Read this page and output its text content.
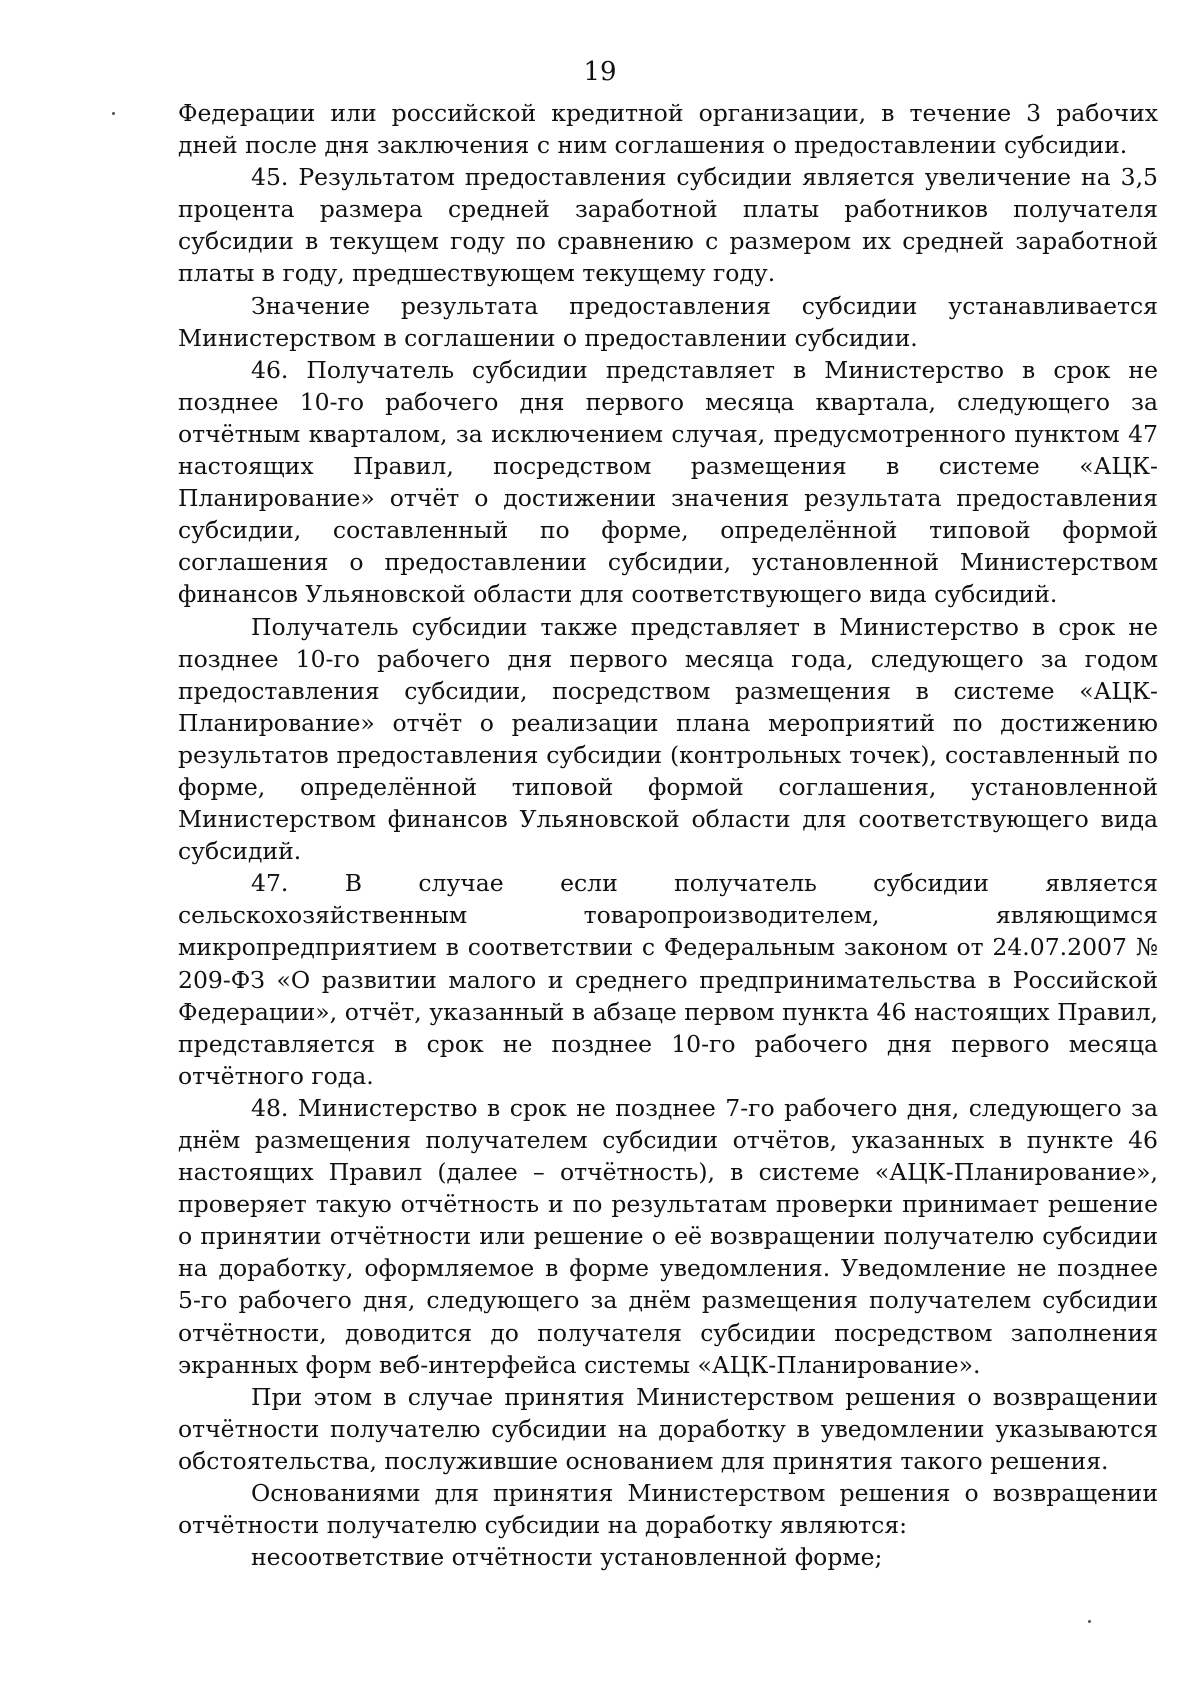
19

Федерации или российской кредитной организации, в течение 3 рабочих дней после дня заключения с ним соглашения о предоставлении субсидии.

45. Результатом предоставления субсидии является увеличение на 3,5 процента размера средней заработной платы работников получателя субсидии в текущем году по сравнению с размером их средней заработной платы в году, предшествующем текущему году.

Значение результата предоставления субсидии устанавливается Министерством в соглашении о предоставлении субсидии.

46. Получатель субсидии представляет в Министерство в срок не позднее 10-го рабочего дня первого месяца квартала, следующего за отчётным кварталом, за исключением случая, предусмотренного пунктом 47 настоящих Правил, посредством размещения в системе «АЦК-Планирование» отчёт о достижении значения результата предоставления субсидии, составленный по форме, определённой типовой формой соглашения о предоставлении субсидии, установленной Министерством финансов Ульяновской области для соответствующего вида субсидий.

Получатель субсидии также представляет в Министерство в срок не позднее 10-го рабочего дня первого месяца года, следующего за годом предоставления субсидии, посредством размещения в системе «АЦК-Планирование» отчёт о реализации плана мероприятий по достижению результатов предоставления субсидии (контрольных точек), составленный по форме, определённой типовой формой соглашения, установленной Министерством финансов Ульяновской области для соответствующего вида субсидий.

47. В случае если получатель субсидии является сельскохозяйственным товаропроизводителем, являющимся микропредприятием в соответствии с Федеральным законом от 24.07.2007 № 209-ФЗ «О развитии малого и среднего предпринимательства в Российской Федерации», отчёт, указанный в абзаце первом пункта 46 настоящих Правил, представляется в срок не позднее 10-го рабочего дня первого месяца отчётного года.

48. Министерство в срок не позднее 7-го рабочего дня, следующего за днём размещения получателем субсидии отчётов, указанных в пункте 46 настоящих Правил (далее – отчётность), в системе «АЦК-Планирование», проверяет такую отчётность и по результатам проверки принимает решение о принятии отчётности или решение о её возвращении получателю субсидии на доработку, оформляемое в форме уведомления. Уведомление не позднее 5-го рабочего дня, следующего за днём размещения получателем субсидии отчётности, доводится до получателя субсидии посредством заполнения экранных форм веб-интерфейса системы «АЦК-Планирование».

При этом в случае принятия Министерством решения о возвращении отчётности получателю субсидии на доработку в уведомлении указываются обстоятельства, послужившие основанием для принятия такого решения.

Основаниями для принятия Министерством решения о возвращении отчётности получателю субсидии на доработку являются:

несоответствие отчётности установленной форме;
